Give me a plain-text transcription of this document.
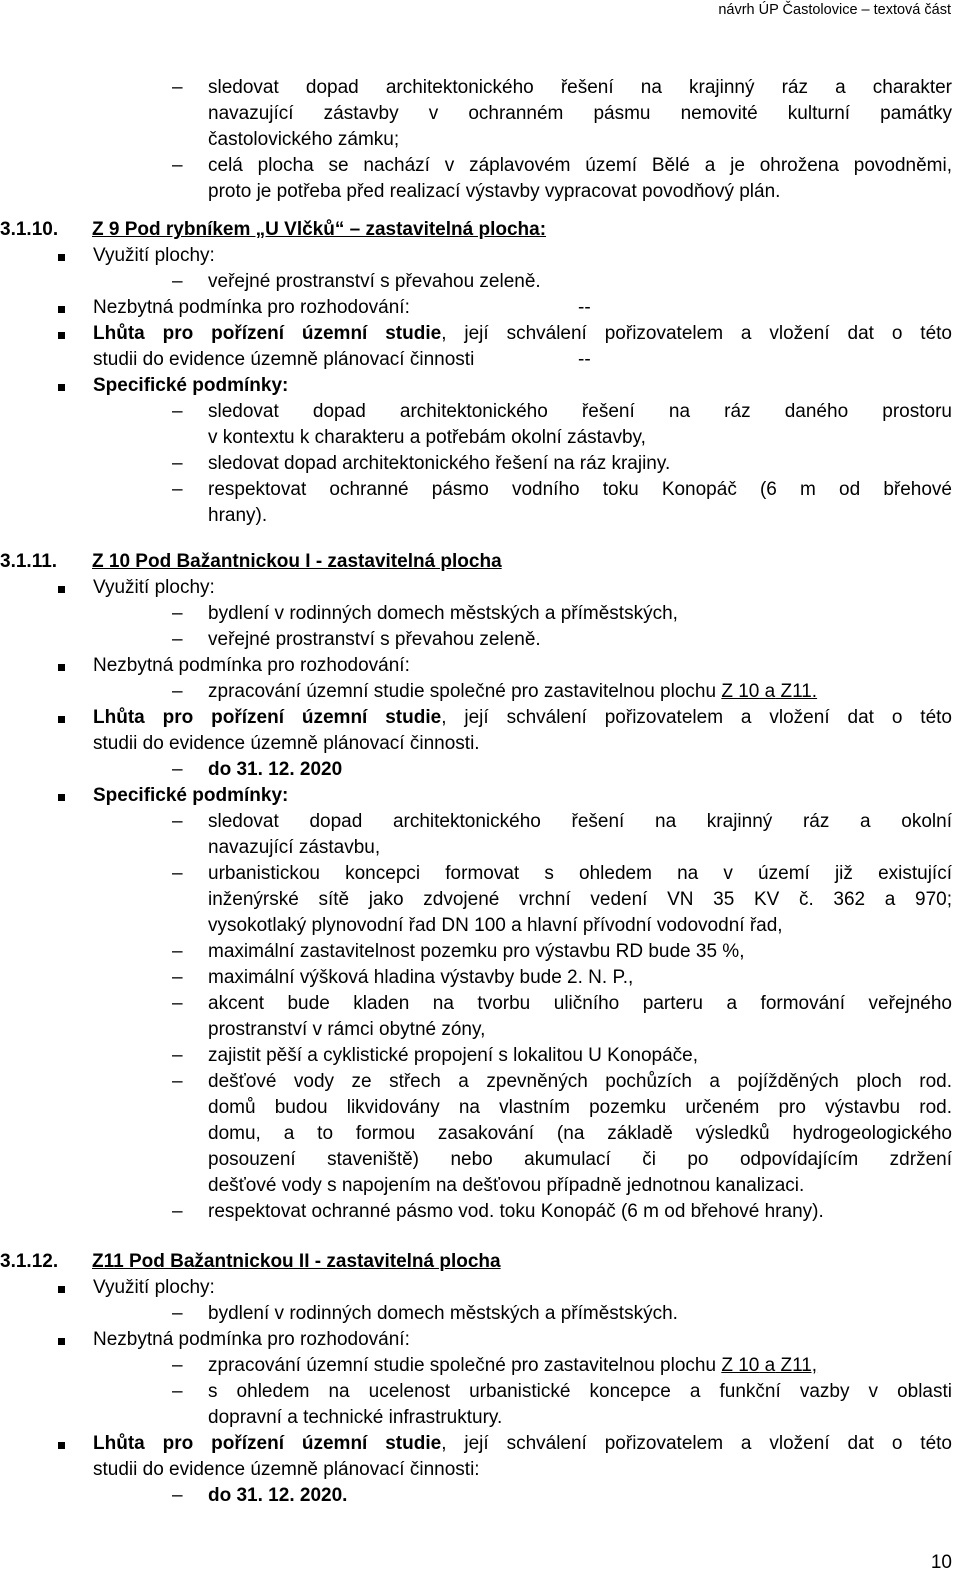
návrh ÚP Častolovice – textová část
– sledovat dopad architektonického řešení na krajinný ráz a charakter
navazující zástavby v ochranném pásmu nemovité kulturní památky
častolovického zámku;
– celá plocha se nachází v záplavovém území Bělé a je ohrožena povodněmi,
proto je potřeba před realizací výstavby vypracovat povodňový plán.
3.1.10. Z 9 Pod rybníkem „U Vlčků“ – zastavitelná plocha:
Využití plochy:
– veřejné prostranství s převahou zeleně.
Nezbytná podmínka pro rozhodování:	--
Lhůta pro pořízení územní studie, její schválení pořizovatelem a vložení dat o této
studii do evidence územně plánovací činnosti	--
Specifické podmínky:
– sledovat dopad architektonického řešení na ráz daného prostoru
v kontextu k charakteru a potřebám okolní zástavby,
– sledovat dopad architektonického řešení na ráz krajiny.
– respektovat ochranné pásmo vodního toku Konopáč (6 m od břehové
hrany).
3.1.11. Z 10 Pod Bažantnickou I - zastavitelná plocha
Využití plochy:
– bydlení v rodinných domech městských a příměstských,
– veřejné prostranství s převahou zeleně.
Nezbytná podmínka pro rozhodování:
– zpracování územní studie společné pro zastavitelnou plochu Z 10 a Z11.
Lhůta pro pořízení územní studie, její schválení pořizovatelem a vložení dat o této
studii do evidence územně plánovací činnosti.
– do 31. 12. 2020
Specifické podmínky:
– sledovat dopad architektonického řešení na krajinný ráz a okolní
navazující zástavbu,
– urbanistickou koncepci formovat s ohledem na v území již existující
inženýrské sítě jako zdvojené vrchní vedení VN 35 KV č. 362 a 970;
vysokotlaký plynovodní řad DN 100 a hlavní přívodní vodovodní řad,
– maximální zastavitelnost pozemku pro výstavbu RD bude 35 %,
– maximální výšková hladina výstavby bude 2. N. P.,
– akcent bude kladen na tvorbu uličního parteru a formování veřejného
prostranství v rámci obytné zóny,
– zajistit pěší a cyklistické propojení s lokalitou U Konopáče,
– dešťové vody ze střech a zpevněných pochůzích a pojížděných ploch rod.
domů budou likvidovány na vlastním pozemku určeném pro výstavbu rod.
domu, a to formou zasakování (na základě výsledků hydrogeologického
posouzení staveniště) nebo akumulací či po odpovídajícím zdržení
dešťové vody s napojením na dešťovou případně jednotnou kanalizaci.
– respektovat ochranné pásmo vod. toku Konopáč (6 m od břehové hrany).
3.1.12. Z11 Pod Bažantnickou II - zastavitelná plocha
Využití plochy:
– bydlení v rodinných domech městských a příměstských.
Nezbytná podmínka pro rozhodování:
– zpracování územní studie společné pro zastavitelnou plochu Z 10 a Z11,
– s ohledem na ucelenost urbanistické koncepce a funkční vazby v oblasti
dopravní a technické infrastruktury.
Lhůta pro pořízení územní studie, její schválení pořizovatelem a vložení dat o této
studii do evidence územně plánovací činnosti:
– do 31. 12. 2020.
10
